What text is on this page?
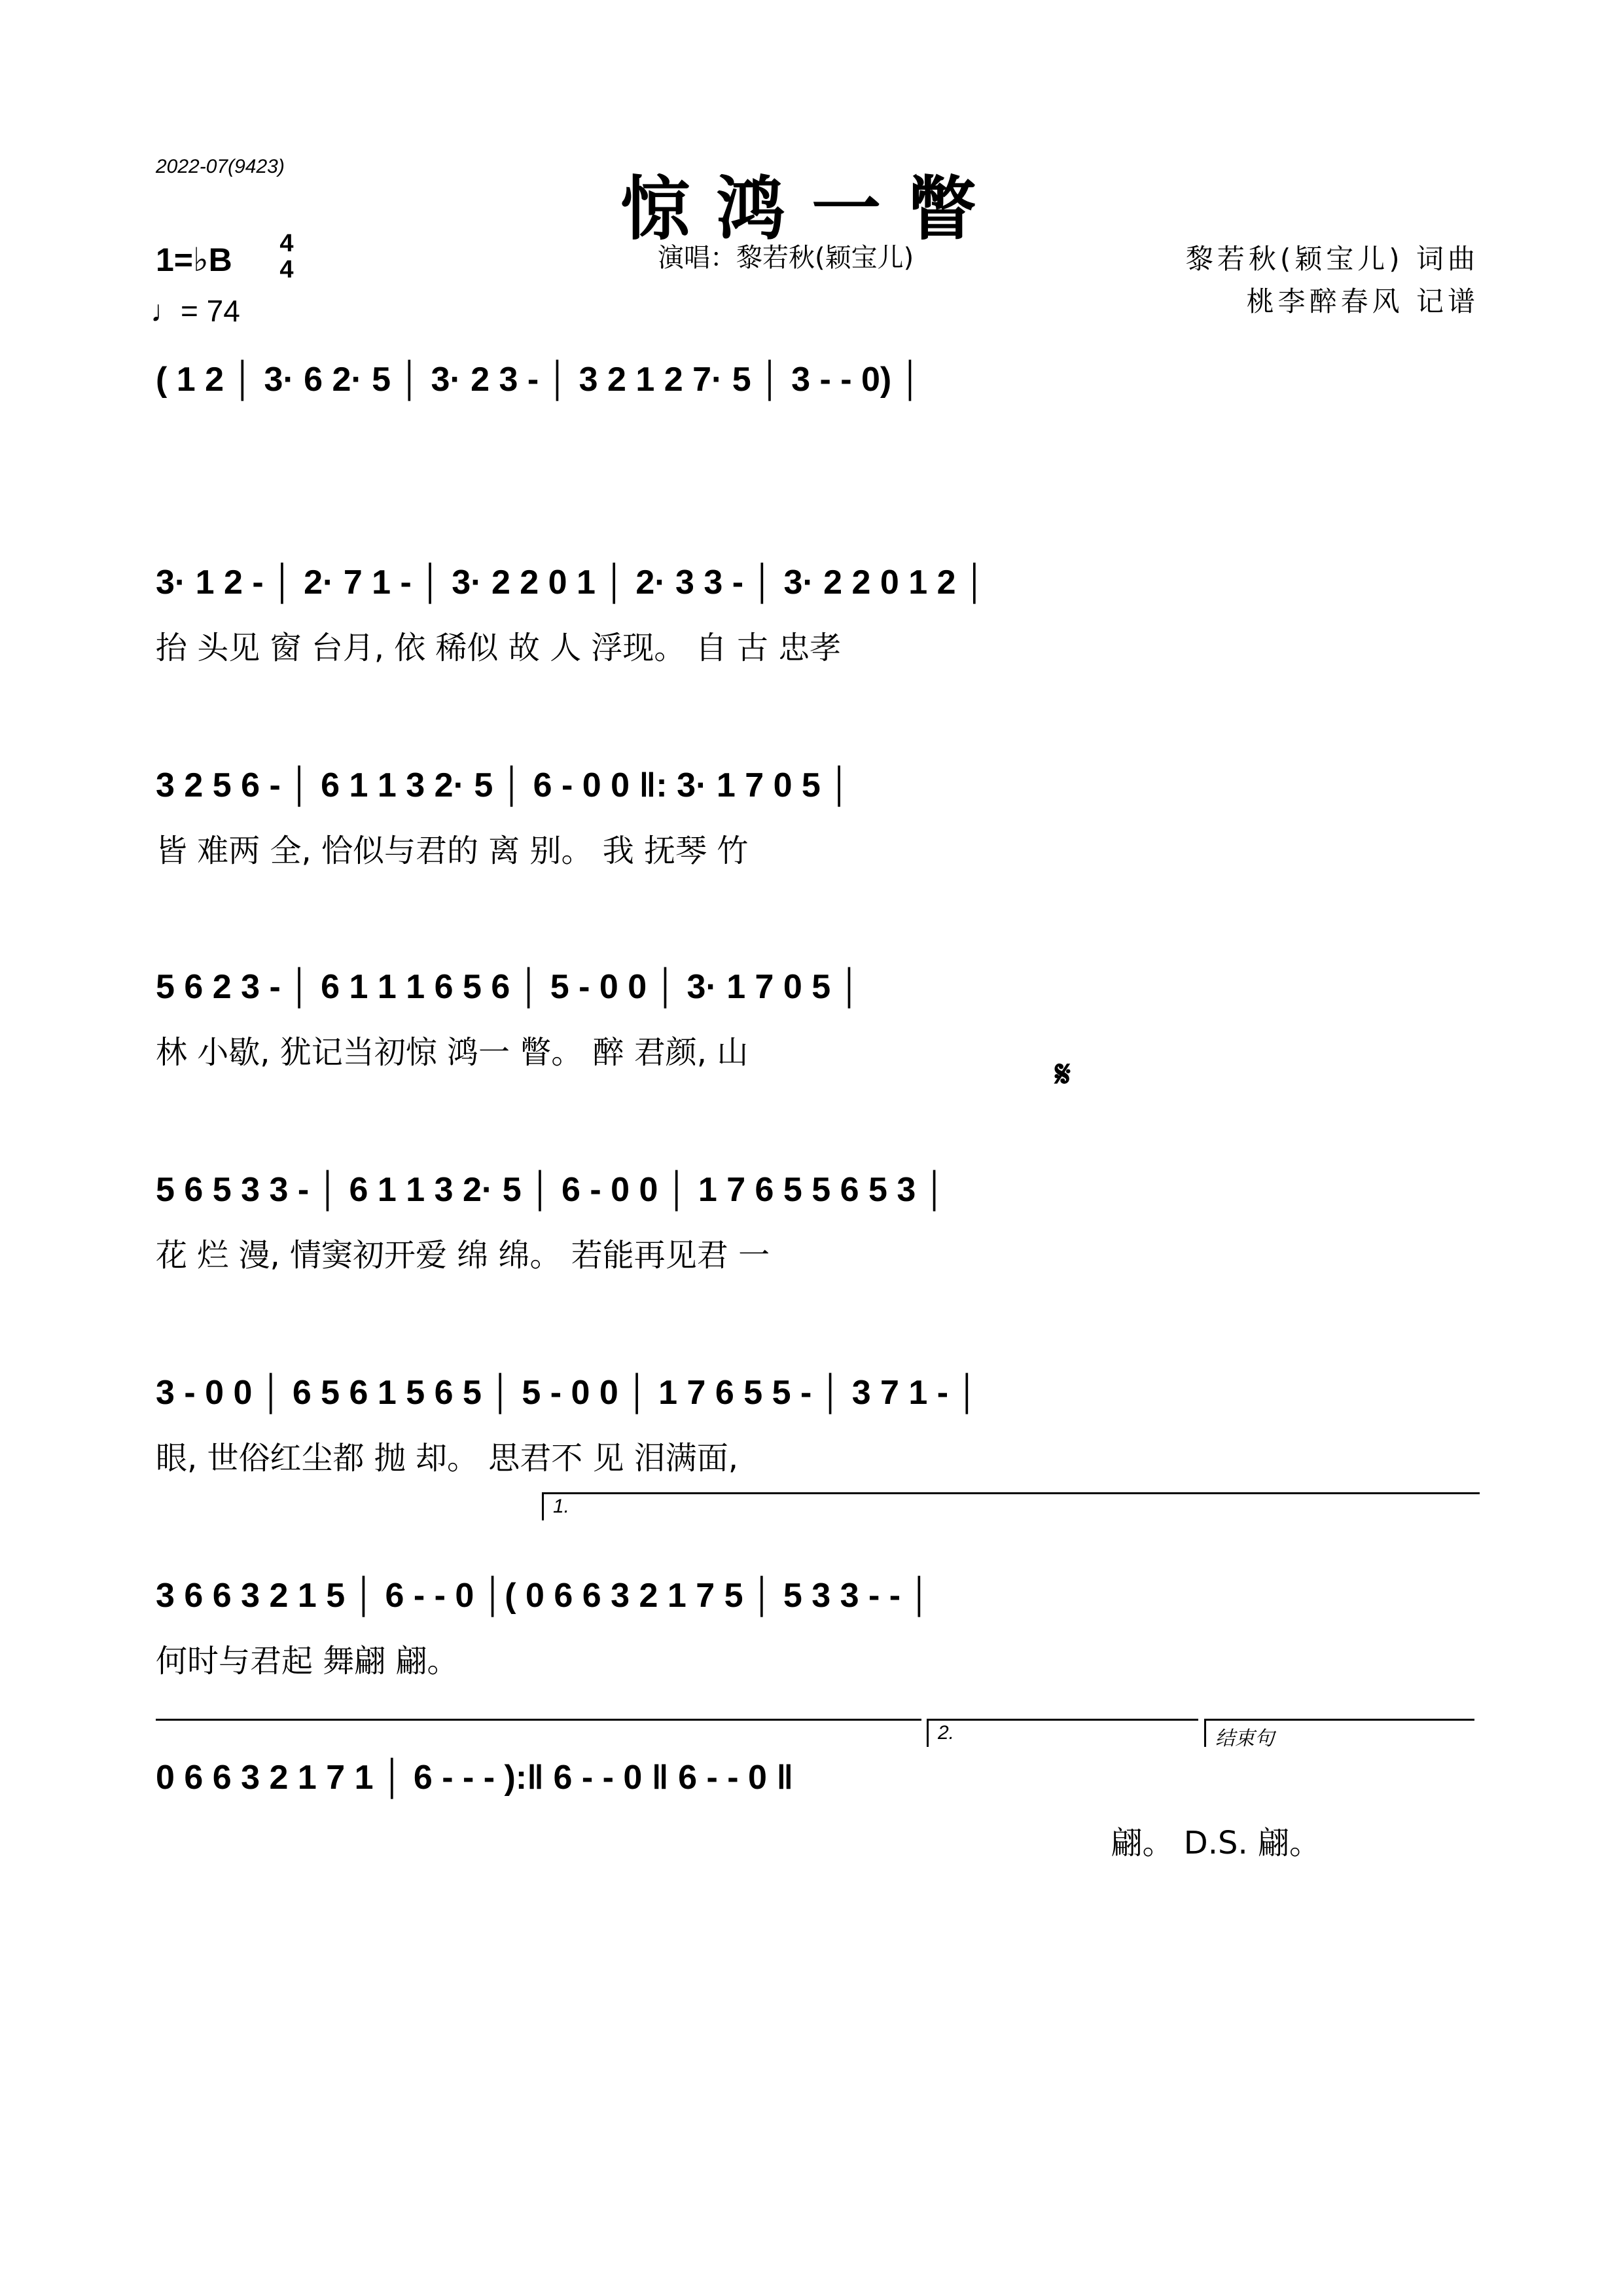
2022-07(9423)
惊鸿一瞥
1=♭B 4
4
♩= 74
演唱：黎若秋(颖宝儿)	黎若秋(颖宝儿) 词曲
桃李醉春风 记谱
( 1 2 │ 3· 6 2· 5 │ 3· 2 3 - │ 3 2 1 2 7· 5 │ 3 - - 0) │
3· 1 2 - │ 2· 7 1 - │ 3· 2 2 0 1 │ 2· 3 3 - │ 3· 2 2 0 1 2 │
抬 头见 窗 台月, 依 稀似 故 人 浮现。 自 古 忠孝
3 2 5 6 - │ 6 1 1 3 2· 5 │ 6 - 0 0 ‖: 3· 1 7 0 5 │
皆 难两 全, 恰似与君的 离 别。 我 抚琴 竹
5 6 2 3 - │ 6 1 1 1 6 5 6 │ 5 - 0 0 │ 3· 1 7 0 5 │
林 小歇, 犹记当初惊 鸿一 瞥。 醉 君颜, 山
𝄋
5 6 5 3 3 - │ 6 1 1 3 2· 5 │ 6 - 0 0 │ 1 7 6 5 5 6 5 3 │
花 烂 漫, 情窦初开爱 绵 绵。 若能再见君 一
3 - 0 0 │ 6 5 6 1 5 6 5 │ 5 - 0 0 │ 1 7 6 5 5 - │ 3 7 1 - │
眼, 世俗红尘都 抛 却。 思君不 见 泪满面,
1.
3 6 6 3 2 1 5 │ 6 - - 0 │( 0 6 6 3 2 1 7 5 │ 5 3 3 - - │
何时与君起 舞翩 翩。
2.	结束句
0 6 6 3 2 1 7 1 │ 6 - - - ):‖ 6 - - 0 ‖ 6 - - 0 ‖
翩。 D.S. 翩。
